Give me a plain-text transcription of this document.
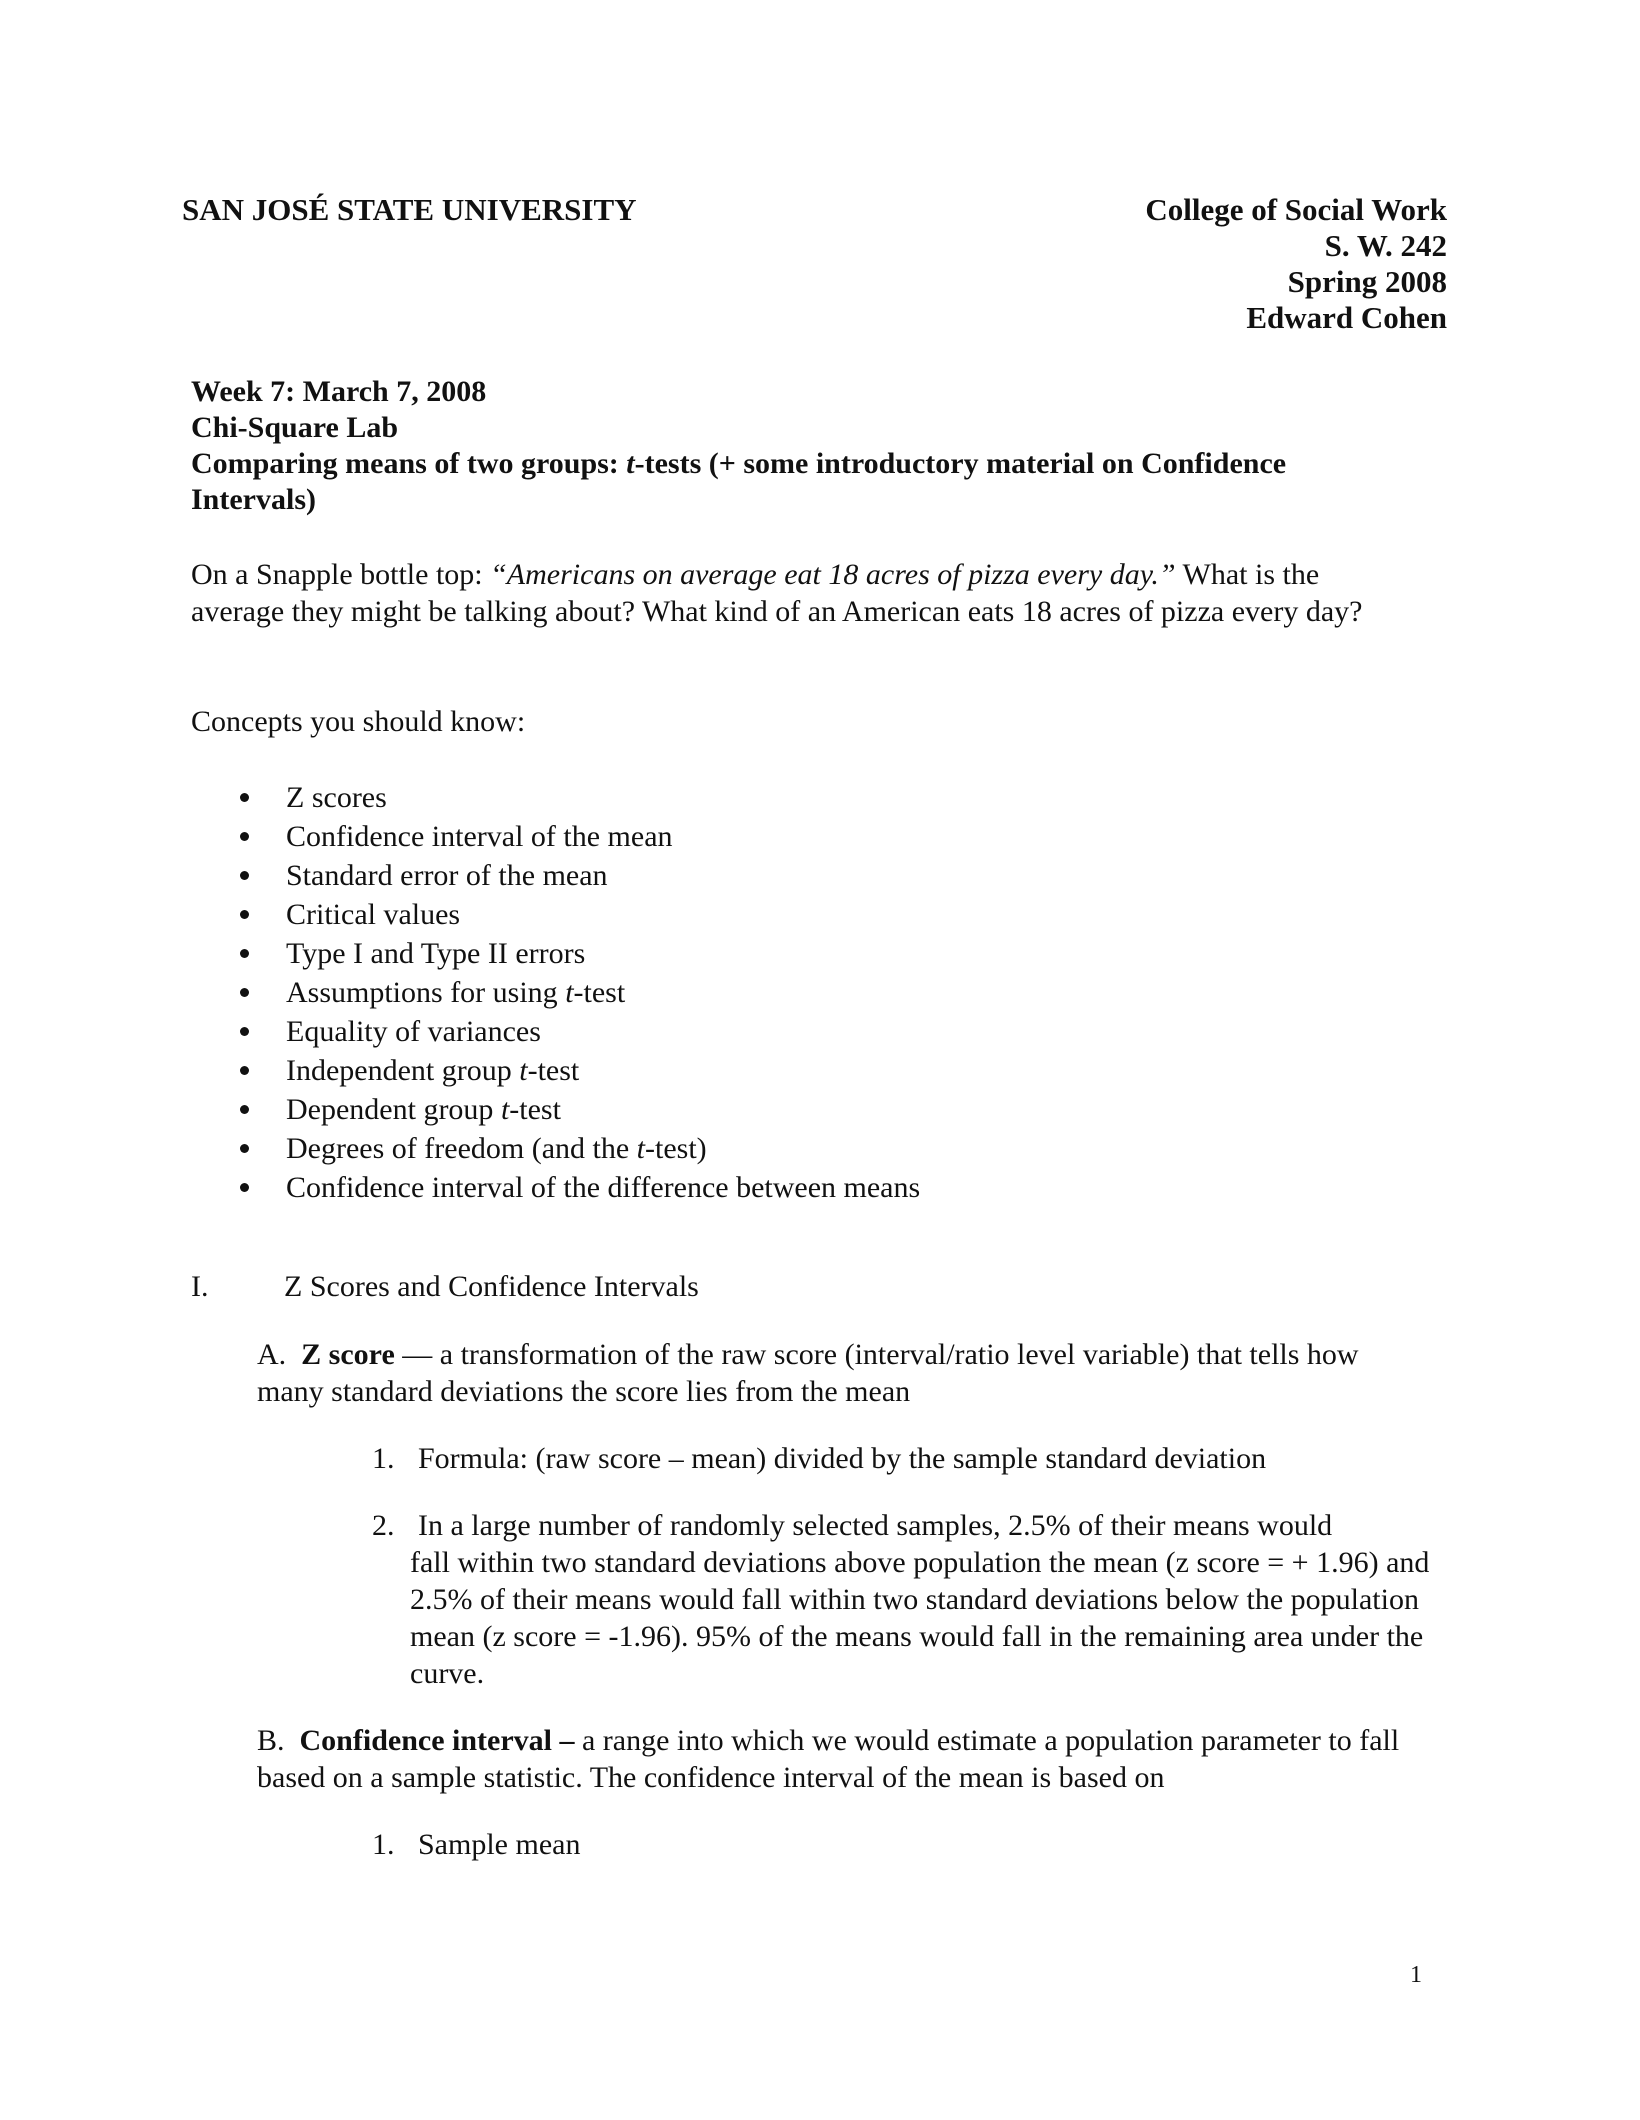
SAN JOSÉ STATE UNIVERSITY	College of Social Work
S. W. 242
Spring 2008
Edward Cohen
Week 7: March 7, 2008
Chi-Square Lab
Comparing means of two groups: t-tests (+ some introductory material on Confidence
Intervals)
On a Snapple bottle top: “Americans on average eat 18 acres of pizza every day.” What is the average they might be talking about? What kind of an American eats 18 acres of pizza every day?
Concepts you should know:
Z scores
Confidence interval of the mean
Standard error of the mean
Critical values
Type I and Type II errors
Assumptions for using t-test
Equality of variances
Independent group t-test
Dependent group t-test
Degrees of freedom (and the t-test)
Confidence interval of the difference between means
I.	Z Scores and Confidence Intervals
A. Z score — a transformation of the raw score (interval/ratio level variable) that tells how many standard deviations the score lies from the mean
1. Formula: (raw score – mean) divided by the sample standard deviation
2. In a large number of randomly selected samples, 2.5% of their means would
fall within two standard deviations above population the mean (z score = + 1.96) and 2.5% of their means would fall within two standard deviations below the population mean (z score = -1.96). 95% of the means would fall in the remaining area under the curve.
B. Confidence interval – a range into which we would estimate a population parameter to fall based on a sample statistic. The confidence interval of the mean is based on
1. Sample mean
1
